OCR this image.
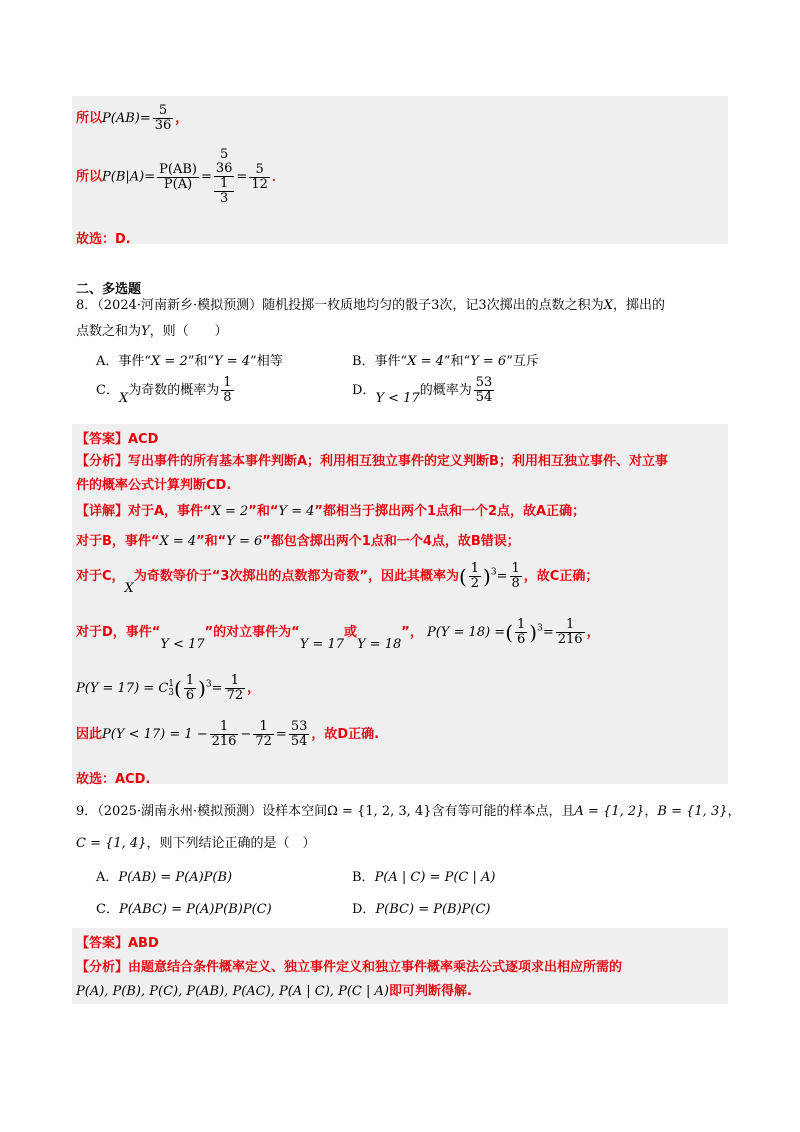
所以$P(AB)= \frac{5}{36}$ ，
所以$P(B|A)= \frac{P(AB)}{P(A)}$ =
5
36
1
3
= $\frac{5}{12}$ ．
故选：D.
二、多选题
8．（2024·河南新乡·模拟预测）随机投掷一枚质地均匀的骰子3次，记3次掷出的点数之积为X，掷出的
点数之和为Y，则（　　）
A．事件“X = 2”和“Y = 4”相等	B．事件“X = 4”和“Y = 6”互斥
C．X为奇数的概率为 $\frac{1}{8}$	D．Y < 17的概率为 $\frac{53}{54}$
【答案】ACD
【分析】写出事件的所有基本事件判断A；利用相互独立事件的定义判断B；利用相互独立事件、对立事
件的概率公式计算判断CD.
【详解】对于A，事件“X = 2”和“Y = 4”都相当于掷出两个1点和一个2点，故A正确；
对于B，事件“X = 4”和“Y = 6”都包含掷出两个1点和一个4点，故B错误；
对于C，X为奇数等价于“3次掷出的点数都为奇数”，因此其概率为( $\frac{1}{2} )^3= \frac{1}{8}$ ，故C正确；
对于D，事件“Y < 17”的对立事件为“Y = 17或Y = 18”， P(Y = 18) =( $\frac{1}{6} )^3= \frac{1}{216}$ ，
P(Y = 17) = C 1
3 ( $\frac{1}{6} )^3= \frac{1}{72}$ ，
因此$P(Y < 17) = 1 - \frac{1}{216} - \frac{1}{72} = \frac{53}{54}$ ，故D正确.
故选：ACD.
9．（2025·湖南永州·模拟预测）设样本空间Ω = {1, 2, 3, 4}含有等可能的样本点，且A = {1, 2}，B = {1, 3}，
C = {1, 4}，则下列结论正确的是（　）
A．P(AB) = P(A)P(B)	B．P(A | C) = P(C | A)
C．P(ABC) = P(A)P(B)P(C)	D．P(BC) = P(B)P(C)
【答案】ABD
【分析】由题意结合条件概率定义、独立事件定义和独立事件概率乘法公式逐项求出相应所需的
P(A), P(B), P(C), P(AB), P(AC), P(A | C), P(C | A)即可判断得解.
